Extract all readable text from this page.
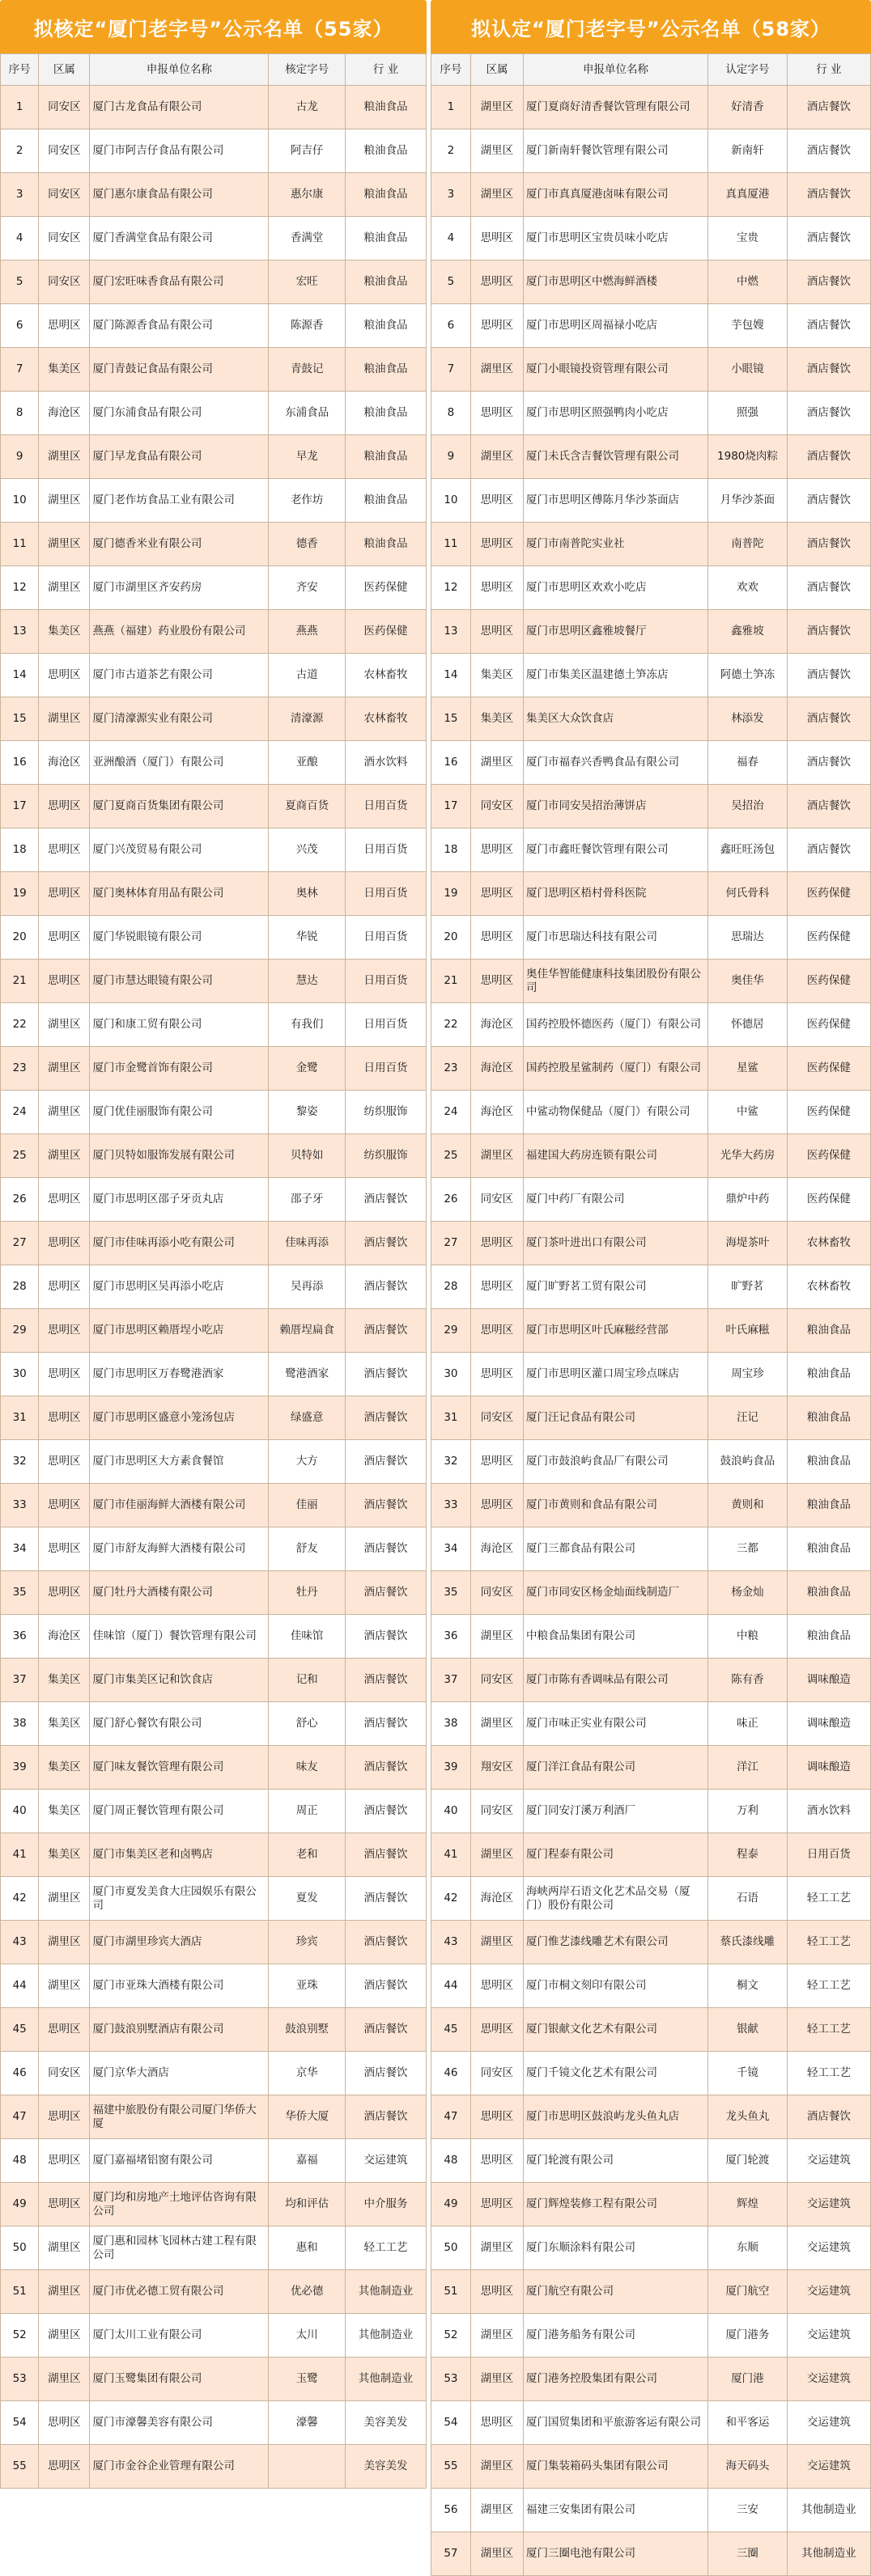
拟核定“厦门老字号”公示名单（55家）
序号	区属	申报单位名称	核定字号	行 业
1	同安区	厦门古龙食品有限公司	古龙	粮油食品
2	同安区	厦门市阿吉仔食品有限公司	阿吉仔	粮油食品
3	同安区	厦门惠尔康食品有限公司	惠尔康	粮油食品
4	同安区	厦门香满堂食品有限公司	香满堂	粮油食品
5	同安区	厦门宏旺味香食品有限公司	宏旺	粮油食品
6	思明区	厦门陈源香食品有限公司	陈源香	粮油食品
7	集美区	厦门青鼓记食品有限公司	青鼓记	粮油食品
8	海沧区	厦门东浦食品有限公司	东浦食品	粮油食品
9	湖里区	厦门早龙食品有限公司	早龙	粮油食品
10	湖里区	厦门老作坊食品工业有限公司	老作坊	粮油食品
11	湖里区	厦门德香米业有限公司	德香	粮油食品
12	湖里区	厦门市湖里区齐安药房	齐安	医药保健
13	集美区	燕燕（福建）药业股份有限公司	燕燕	医药保健
14	思明区	厦门市古道茶艺有限公司	古道	农林畜牧
15	湖里区	厦门清濠源实业有限公司	清濠源	农林畜牧
16	海沧区	亚洲酿酒（厦门）有限公司	亚酿	酒水饮料
17	思明区	厦门夏商百货集团有限公司	夏商百货	日用百货
18	思明区	厦门兴茂贸易有限公司	兴茂	日用百货
19	思明区	厦门奥林体育用品有限公司	奥林	日用百货
20	思明区	厦门华锐眼镜有限公司	华锐	日用百货
21	思明区	厦门市慧达眼镜有限公司	慧达	日用百货
22	湖里区	厦门和康工贸有限公司	有我们	日用百货
23	湖里区	厦门市金鹭首饰有限公司	金鹭	日用百货
24	湖里区	厦门优佳丽服饰有限公司	黎姿	纺织服饰
25	湖里区	厦门贝特如服饰发展有限公司	贝特如	纺织服饰
26	思明区	厦门市思明区邵子牙贡丸店	邵子牙	酒店餐饮
27	思明区	厦门市佳味再添小吃有限公司	佳味再添	酒店餐饮
28	思明区	厦门市思明区吴再添小吃店	吴再添	酒店餐饮
29	思明区	厦门市思明区赖厝埕小吃店	赖厝埕扁食	酒店餐饮
30	思明区	厦门市思明区万春鹭港酒家	鹭港酒家	酒店餐饮
31	思明区	厦门市思明区盛意小笼汤包店	绿盛意	酒店餐饮
32	思明区	厦门市思明区大方素食餐馆	大方	酒店餐饮
33	思明区	厦门市佳丽海鲜大酒楼有限公司	佳丽	酒店餐饮
34	思明区	厦门市舒友海鲜大酒楼有限公司	舒友	酒店餐饮
35	思明区	厦门牡丹大酒楼有限公司	牡丹	酒店餐饮
36	海沧区	佳味馆（厦门）餐饮管理有限公司	佳味馆	酒店餐饮
37	集美区	厦门市集美区记和饮食店	记和	酒店餐饮
38	集美区	厦门舒心餐饮有限公司	舒心	酒店餐饮
39	集美区	厦门味友餐饮管理有限公司	味友	酒店餐饮
40	集美区	厦门周正餐饮管理有限公司	周正	酒店餐饮
41	集美区	厦门市集美区老和卤鸭店	老和	酒店餐饮
42	湖里区	厦门市夏发美食大庄园娱乐有限公司	夏发	酒店餐饮
43	湖里区	厦门市湖里珍宾大酒店	珍宾	酒店餐饮
44	湖里区	厦门市亚珠大酒楼有限公司	亚珠	酒店餐饮
45	思明区	厦门鼓浪别墅酒店有限公司	鼓浪别墅	酒店餐饮
46	同安区	厦门京华大酒店	京华	酒店餐饮
47	思明区	福建中旅股份有限公司厦门华侨大厦	华侨大厦	酒店餐饮
48	思明区	厦门嘉福堵铝窗有限公司	嘉福	交运建筑
49	思明区	厦门均和房地产土地评估咨询有限公司	均和评估	中介服务
50	湖里区	厦门惠和园林飞园林古建工程有限公司	惠和	轻工工艺
51	湖里区	厦门市优必德工贸有限公司	优必德	其他制造业
52	湖里区	厦门太川工业有限公司	太川	其他制造业
53	湖里区	厦门玉鹭集团有限公司	玉鹭	其他制造业
54	思明区	厦门市濠馨美容有限公司	濠馨	美容美发
55	思明区	厦门市金谷企业管理有限公司		美容美发
拟认定“厦门老字号”公示名单（58家）
序号	区属	申报单位名称	认定字号	行 业
1	湖里区	厦门夏商好清香餐饮管理有限公司	好清香	酒店餐饮
2	湖里区	厦门新南轩餐饮管理有限公司	新南轩	酒店餐饮
3	湖里区	厦门市真真厦港卤味有限公司	真真厦港	酒店餐饮
4	思明区	厦门市思明区宝贵员味小吃店	宝贵	酒店餐饮
5	思明区	厦门市思明区中燃海鲜酒楼	中燃	酒店餐饮
6	思明区	厦门市思明区周福禄小吃店	芋包嫂	酒店餐饮
7	湖里区	厦门小眼镜投资管理有限公司	小眼镜	酒店餐饮
8	思明区	厦门市思明区照强鸭肉小吃店	照强	酒店餐饮
9	湖里区	厦门未氏含吉餐饮管理有限公司	1980烧肉粽	酒店餐饮
10	思明区	厦门市思明区傅陈月华沙茶面店	月华沙茶面	酒店餐饮
11	思明区	厦门市南普陀实业社	南普陀	酒店餐饮
12	思明区	厦门市思明区欢欢小吃店	欢欢	酒店餐饮
13	思明区	厦门市思明区鑫雅坡餐厅	鑫雅坡	酒店餐饮
14	集美区	厦门市集美区温建德土笋冻店	阿德土笋冻	酒店餐饮
15	集美区	集美区大众饮食店	林添发	酒店餐饮
16	湖里区	厦门市福春兴香鸭食品有限公司	福春	酒店餐饮
17	同安区	厦门市同安吴招治薄饼店	吴招治	酒店餐饮
18	思明区	厦门市鑫旺餐饮管理有限公司	鑫旺旺汤包	酒店餐饮
19	思明区	厦门思明区梧村骨科医院	何氏骨科	医药保健
20	思明区	厦门市思瑞达科技有限公司	思瑞达	医药保健
21	思明区	奥佳华智能健康科技集团股份有限公司	奥佳华	医药保健
22	海沧区	国药控股怀德医药（厦门）有限公司	怀德居	医药保健
23	海沧区	国药控股星鲨制药（厦门）有限公司	星鲨	医药保健
24	海沧区	中鲨动物保健品（厦门）有限公司	中鲨	医药保健
25	湖里区	福建国大药房连锁有限公司	光华大药房	医药保健
26	同安区	厦门中药厂有限公司	鼎炉中药	医药保健
27	思明区	厦门茶叶进出口有限公司	海堤茶叶	农林畜牧
28	思明区	厦门旷野茗工贸有限公司	旷野茗	农林畜牧
29	思明区	厦门市思明区叶氏麻糍经营部	叶氏麻糍	粮油食品
30	思明区	厦门市思明区灌口周宝珍点咪店	周宝珍	粮油食品
31	同安区	厦门汪记食品有限公司	汪记	粮油食品
32	思明区	厦门市鼓浪屿食品厂有限公司	鼓浪屿食品	粮油食品
33	思明区	厦门市黄则和食品有限公司	黄则和	粮油食品
34	海沧区	厦门三都食品有限公司	三都	粮油食品
35	同安区	厦门市同安区杨金灿面线制造厂	杨金灿	粮油食品
36	湖里区	中粮食品集团有限公司	中粮	粮油食品
37	同安区	厦门市陈有香调味品有限公司	陈有香	调味酿造
38	湖里区	厦门市味正实业有限公司	味正	调味酿造
39	翔安区	厦门洋江食品有限公司	洋江	调味酿造
40	同安区	厦门同安汀溪万利酒厂	万利	酒水饮料
41	湖里区	厦门程泰有限公司	程泰	日用百货
42	海沧区	海峡两岸石语文化艺术品交易（厦门）股份有限公司	石语	轻工工艺
43	湖里区	厦门惟艺漆线雕艺术有限公司	蔡氏漆线雕	轻工工艺
44	思明区	厦门市桐文刻印有限公司	桐文	轻工工艺
45	思明区	厦门银献文化艺术有限公司	银献	轻工工艺
46	同安区	厦门千镜文化艺术有限公司	千镜	轻工工艺
47	思明区	厦门市思明区鼓浪屿龙头鱼丸店	龙头鱼丸	酒店餐饮
48	思明区	厦门轮渡有限公司	厦门轮渡	交运建筑
49	思明区	厦门辉煌装修工程有限公司	辉煌	交运建筑
50	湖里区	厦门东顺涂料有限公司	东顺	交运建筑
51	思明区	厦门航空有限公司	厦门航空	交运建筑
52	湖里区	厦门港务船务有限公司	厦门港务	交运建筑
53	湖里区	厦门港务控股集团有限公司	厦门港	交运建筑
54	思明区	厦门国贸集团和平旅游客运有限公司	和平客运	交运建筑
55	湖里区	厦门集装箱码头集团有限公司	海天码头	交运建筑
56	湖里区	福建三安集团有限公司	三安	其他制造业
57	湖里区	厦门三圈电池有限公司	三圈	其他制造业
